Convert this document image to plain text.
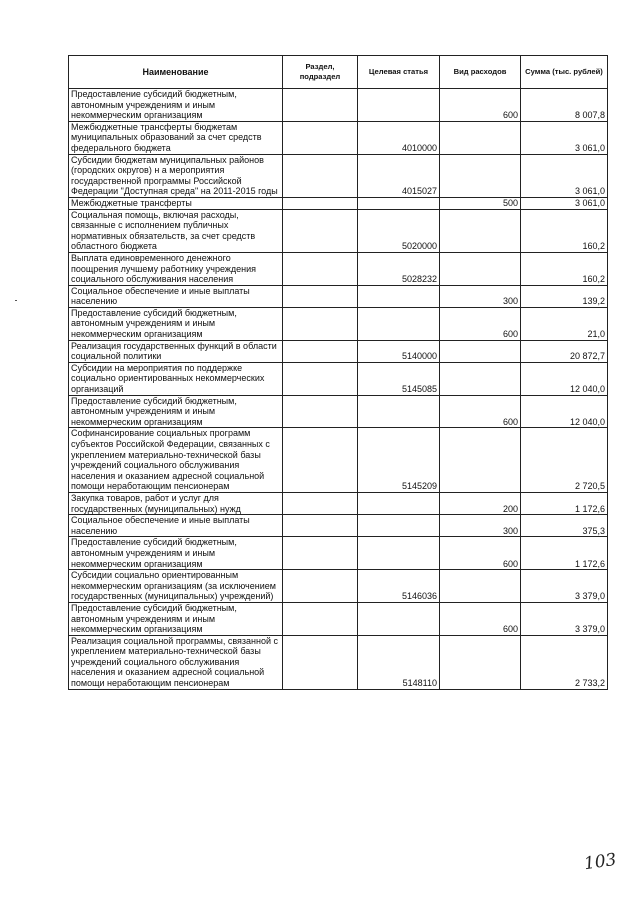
Наименование	Раздел, подраздел	Целевая статья	Вид расходов	Сумма (тыс. рублей)
Предоставление субсидий бюджетным, автономным учреждениям и иным некоммерческим организациям			600	8 007,8
Межбюджетные трансферты бюджетам муниципальных образований за счет средств федерального бюджета		4010000		3 061,0
Субсидии бюджетам муниципальных районов (городских округов) н а мероприятия государственной программы Российской Федерации "Доступная среда" на 2011-2015 годы		4015027		3 061,0
Межбюджетные трансферты			500	3 061,0
Социальная помощь, включая расходы, связанные с исполнением публичных нормативных обязательств, за счет средств областного бюджета		5020000		160,2
Выплата единовременного денежного поощрения лучшему работнику учреждения социального обслуживания населения		5028232		160,2
Социальное обеспечение и иные выплаты населению			300	139,2
Предоставление субсидий бюджетным, автономным учреждениям и иным некоммерческим организациям			600	21,0
Реализация государственных функций в области социальной политики		5140000		20 872,7
Субсидии на мероприятия по поддержке социально ориентированных некоммерческих организаций		5145085		12 040,0
Предоставление субсидий бюджетным, автономным учреждениям и иным некоммерческим организациям			600	12 040,0
Софинансирование социальных программ субъектов Российской Федерации, связанных с укреплением материально-технической базы учреждений социального обслуживания населения и оказанием адресной социальной помощи неработающим пенсионерам		5145209		2 720,5
Закупка товаров, работ и услуг для государственных (муниципальных) нужд			200	1 172,6
Социальное обеспечение и иные выплаты населению			300	375,3
Предоставление субсидий бюджетным, автономным учреждениям и иным некоммерческим организациям			600	1 172,6
Субсидии социально ориентированным некоммерческим организациям (за исключением государственных (муниципальных) учреждений)		5146036		3 379,0
Предоставление субсидий бюджетным, автономным учреждениям и иным некоммерческим организациям			600	3 379,0
Реализация социальной программы, связанной с укреплением материально-технической базы учреждений социального обслуживания населения и оказанием адресной социальной помощи неработающим пенсионерам		5148110		2 733,2
103
